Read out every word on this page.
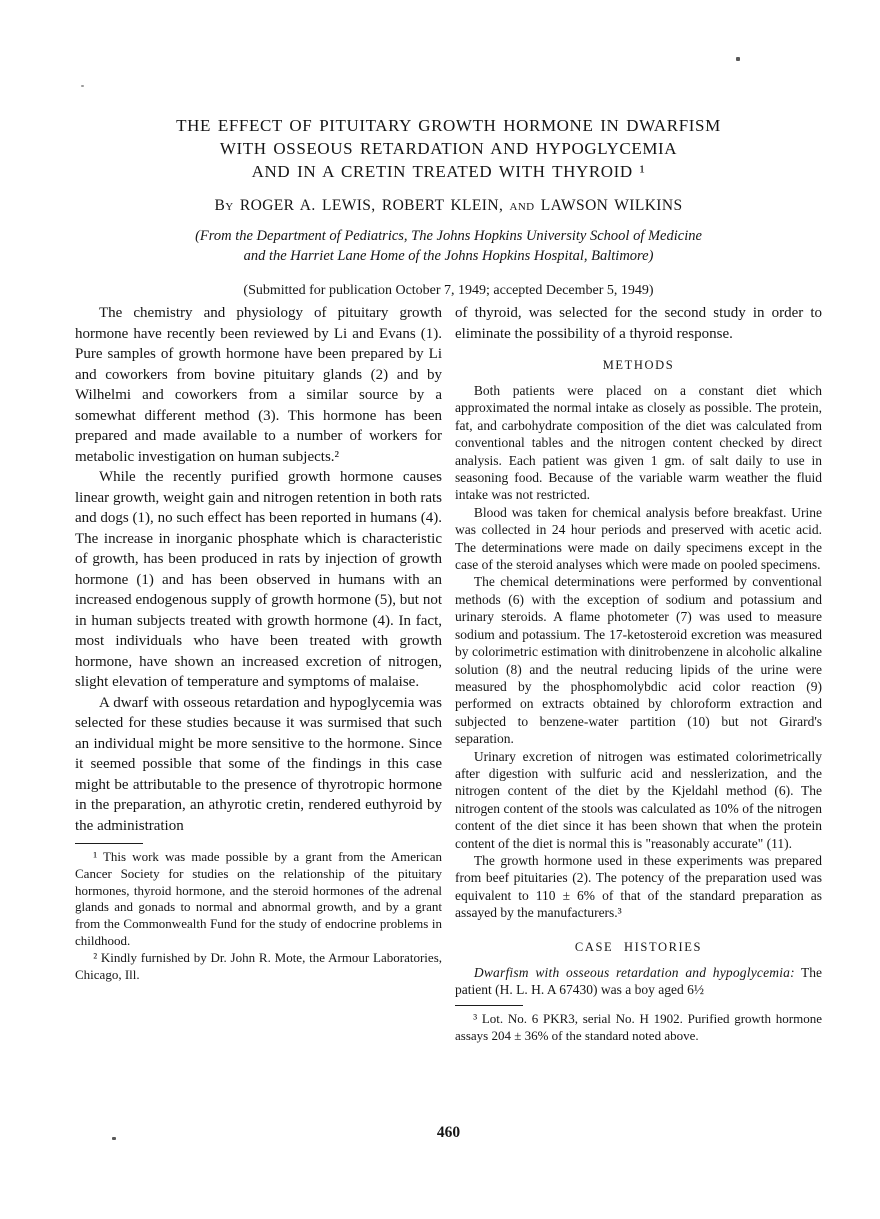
THE EFFECT OF PITUITARY GROWTH HORMONE IN DWARFISM
WITH OSSEOUS RETARDATION AND HYPOGLYCEMIA
AND IN A CRETIN TREATED WITH THYROID ¹
By ROGER A. LEWIS, ROBERT KLEIN, and LAWSON WILKINS
(From the Department of Pediatrics, The Johns Hopkins University School of Medicine
and the Harriet Lane Home of the Johns Hopkins Hospital, Baltimore)
(Submitted for publication October 7, 1949; accepted December 5, 1949)

The chemistry and physiology of pituitary growth hormone have recently been reviewed by Li and Evans (1). Pure samples of growth hormone have been prepared by Li and coworkers from bovine pituitary glands (2) and by Wilhelmi and coworkers from a similar source by a somewhat different method (3). This hormone has been prepared and made available to a number of workers for metabolic investigation on human subjects.²

While the recently purified growth hormone causes linear growth, weight gain and nitrogen retention in both rats and dogs (1), no such effect has been reported in humans (4). The increase in inorganic phosphate which is characteristic of growth, has been produced in rats by injection of growth hormone (1) and has been observed in humans with an increased endogenous supply of growth hormone (5), but not in human subjects treated with growth hormone (4). In fact, most individuals who have been treated with growth hormone, have shown an increased excretion of nitrogen, slight elevation of temperature and symptoms of malaise.

A dwarf with osseous retardation and hypoglycemia was selected for these studies because it was surmised that such an individual might be more sensitive to the hormone. Since it seemed possible that some of the findings in this case might be attributable to the presence of thyrotropic hormone in the preparation, an athyrotic cretin, rendered euthyroid by the administration

¹ This work was made possible by a grant from the American Cancer Society for studies on the relationship of the pituitary hormones, thyroid hormone, and the steroid hormones of the adrenal glands and gonads to normal and abnormal growth, and by a grant from the Commonwealth Fund for the study of endocrine problems in childhood.

² Kindly furnished by Dr. John R. Mote, the Armour Laboratories, Chicago, Ill.

of thyroid, was selected for the second study in order to eliminate the possibility of a thyroid response.

METHODS

Both patients were placed on a constant diet which approximated the normal intake as closely as possible. The protein, fat, and carbohydrate composition of the diet was calculated from conventional tables and the nitrogen content checked by direct analysis. Each patient was given 1 gm. of salt daily to use in seasoning food. Because of the variable warm weather the fluid intake was not restricted.

Blood was taken for chemical analysis before breakfast. Urine was collected in 24 hour periods and preserved with acetic acid. The determinations were made on daily specimens except in the case of the steroid analyses which were made on pooled specimens.

The chemical determinations were performed by conventional methods (6) with the exception of sodium and potassium and urinary steroids. A flame photometer (7) was used to measure sodium and potassium. The 17-ketosteroid excretion was measured by colorimetric estimation with dinitrobenzene in alcoholic alkaline solution (8) and the neutral reducing lipids of the urine were measured by the phosphomolybdic acid color reaction (9) performed on extracts obtained by chloroform extraction and subjected to benzene-water partition (10) but not Girard's separation.

Urinary excretion of nitrogen was estimated colorimetrically after digestion with sulfuric acid and nesslerization, and the nitrogen content of the diet by the Kjeldahl method (6). The nitrogen content of the stools was calculated as 10% of the nitrogen content of the diet since it has been shown that when the protein content of the diet is normal this is "reasonably accurate" (11).

The growth hormone used in these experiments was prepared from beef pituitaries (2). The potency of the preparation used was equivalent to 110 ± 6% of that of the standard preparation as assayed by the manufacturers.³

CASE HISTORIES

Dwarfism with osseous retardation and hypoglycemia: The patient (H. L. H. A 67430) was a boy aged 6½

³ Lot. No. 6 PKR3, serial No. H 1902. Purified growth hormone assays 204 ± 36% of the standard noted above.

460
